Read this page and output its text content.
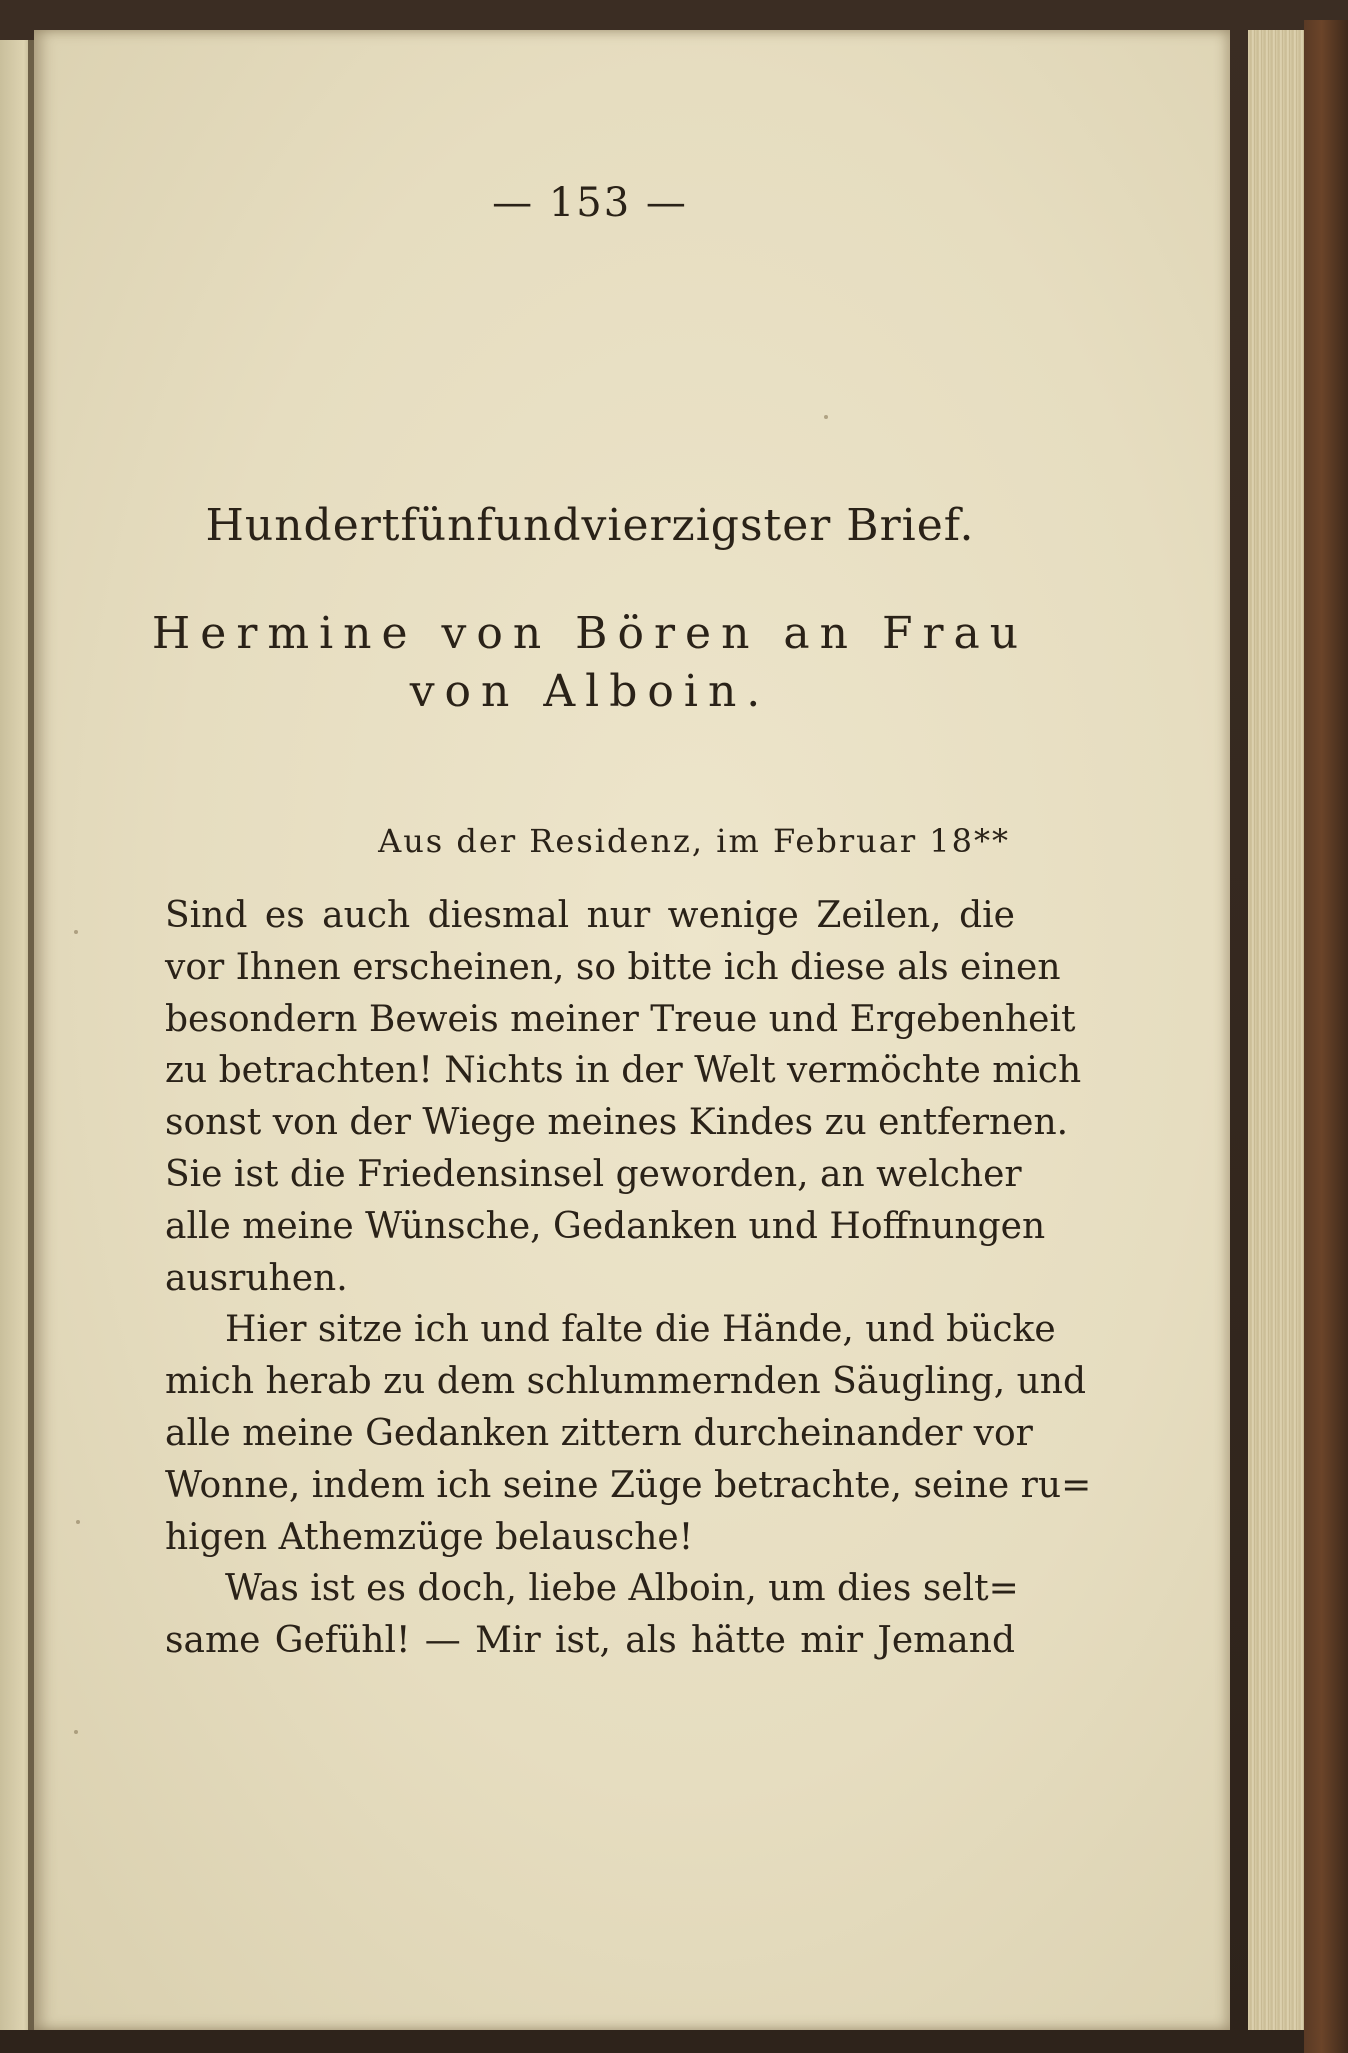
— 153 —
Hundertfünfundvierzigster Brief.
Hermine von Bören an Frau von Alboin.
Aus der Residenz, im Februar 18**
Sind es auch diesmal nur wenige Zeilen, die
vor Ihnen erscheinen, so bitte ich diese als einen
besondern Beweis meiner Treue und Ergebenheit
zu betrachten! Nichts in der Welt vermöchte mich
sonst von der Wiege meines Kindes zu entfernen.
Sie ist die Friedensinsel geworden, an welcher
alle meine Wünsche, Gedanken und Hoffnungen
ausruhen.
Hier sitze ich und falte die Hände, und bücke
mich herab zu dem schlummernden Säugling, und
alle meine Gedanken zittern durcheinander vor
Wonne, indem ich seine Züge betrachte, seine ru=
higen Athemzüge belausche!
Was ist es doch, liebe Alboin, um dies selt=
same Gefühl! — Mir ist, als hätte mir Jemand
